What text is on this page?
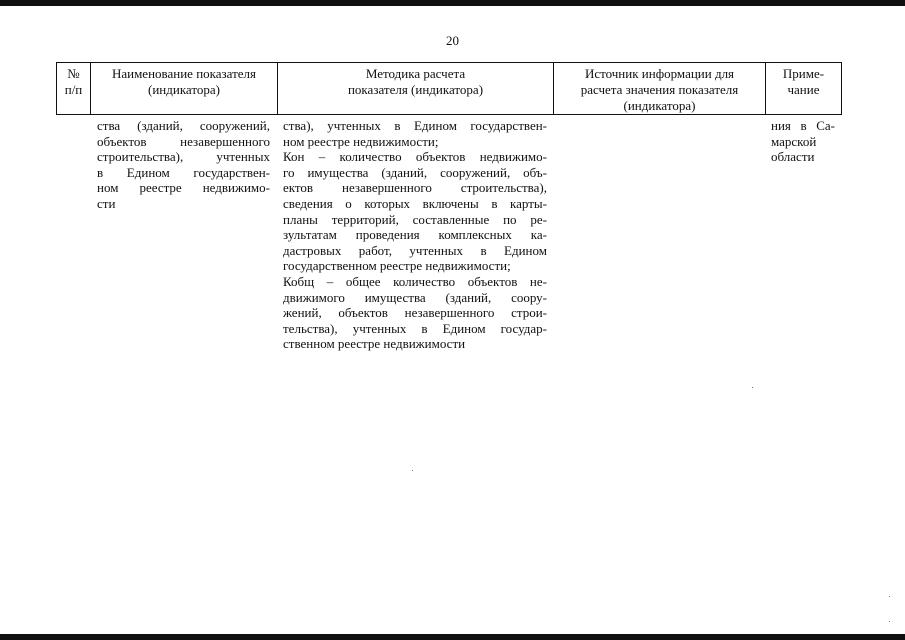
20
№
п/п
Наименование показателя
(индикатора)
Методика расчета
показателя (индикатора)
Источник информации для
расчета значения показателя
(индикатора)
Приме-
чание
ства (зданий, сооружений,
объектов незавершенного
строительства), учтенных
в Едином государствен-
ном реестре недвижимо-
сти
ства), учтенных в Едином государствен-
ном реестре недвижимости;
Кон – количество объектов недвижимо-
го имущества (зданий, сооружений, объ-
ектов незавершенного строительства),
сведения о которых включены в карты-
планы территорий, составленные по ре-
зультатам проведения комплексных ка-
дастровых работ, учтенных в Едином
государственном реестре недвижимости;
Кобщ – общее количество объектов не-
движимого имущества (зданий, соору-
жений, объектов незавершенного строи-
тельства), учтенных в Едином государ-
ственном реестре недвижимости
ния в Са-
марской
области
